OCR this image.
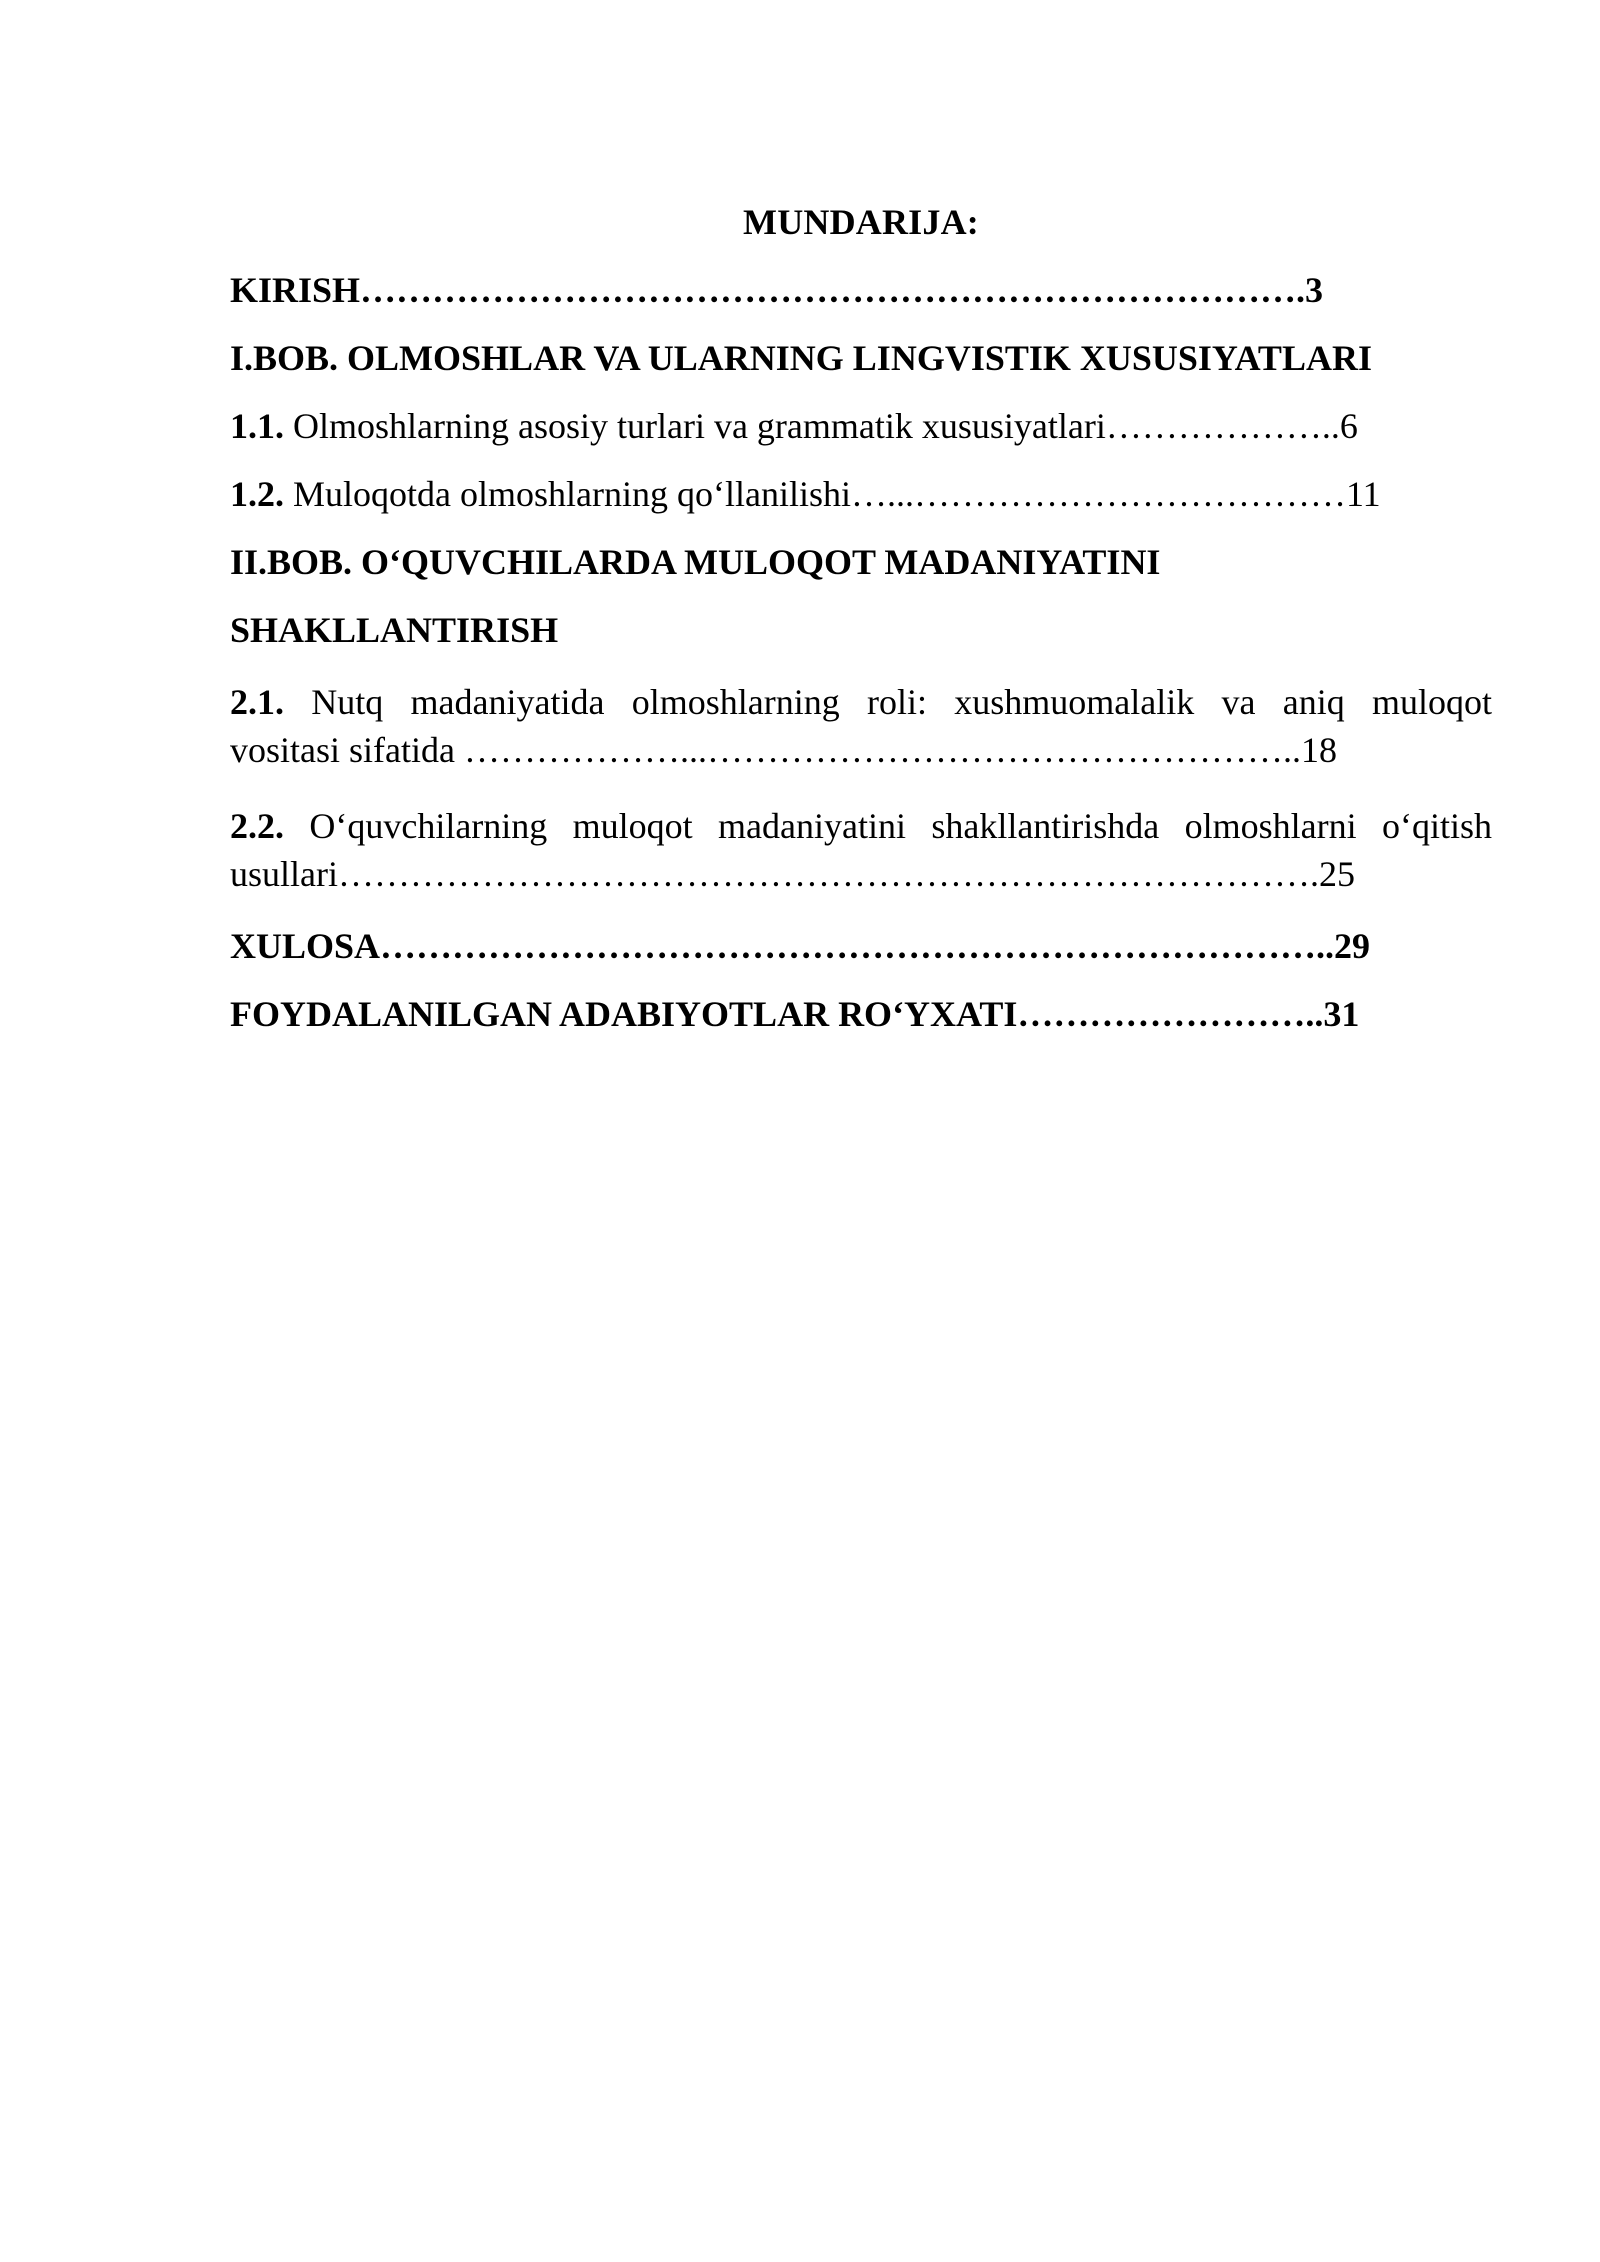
MUNDARIJA:
KIRISH…………………………………………………………………….3
I.BOB. OLMOSHLAR VA ULARNING LINGVISTIK XUSUSIYATLARI
1.1. Olmoshlarning asosiy turlari va grammatik xususiyatlari………………..6
1.2. Muloqotda olmoshlarning qo‘llanilishi…...………………………………11
II.BOB. O‘QUVCHILARDA MULOQOT MADANIYATINI
SHAKLLANTIRISH
2.1. Nutq madaniyatida olmoshlarning roli: xushmuomalalik va aniq muloqot
vositasi sifatida ………………...…………………………………………..18
2.2. O‘quvchilarning muloqot madaniyatini shakllantirishda olmoshlarni o‘qitish
usullari……………………………………………………………………….25
XULOSA……………………………………………………………………..29
FOYDALANILGAN ADABIYOTLAR RO‘YXATI……………………..31
